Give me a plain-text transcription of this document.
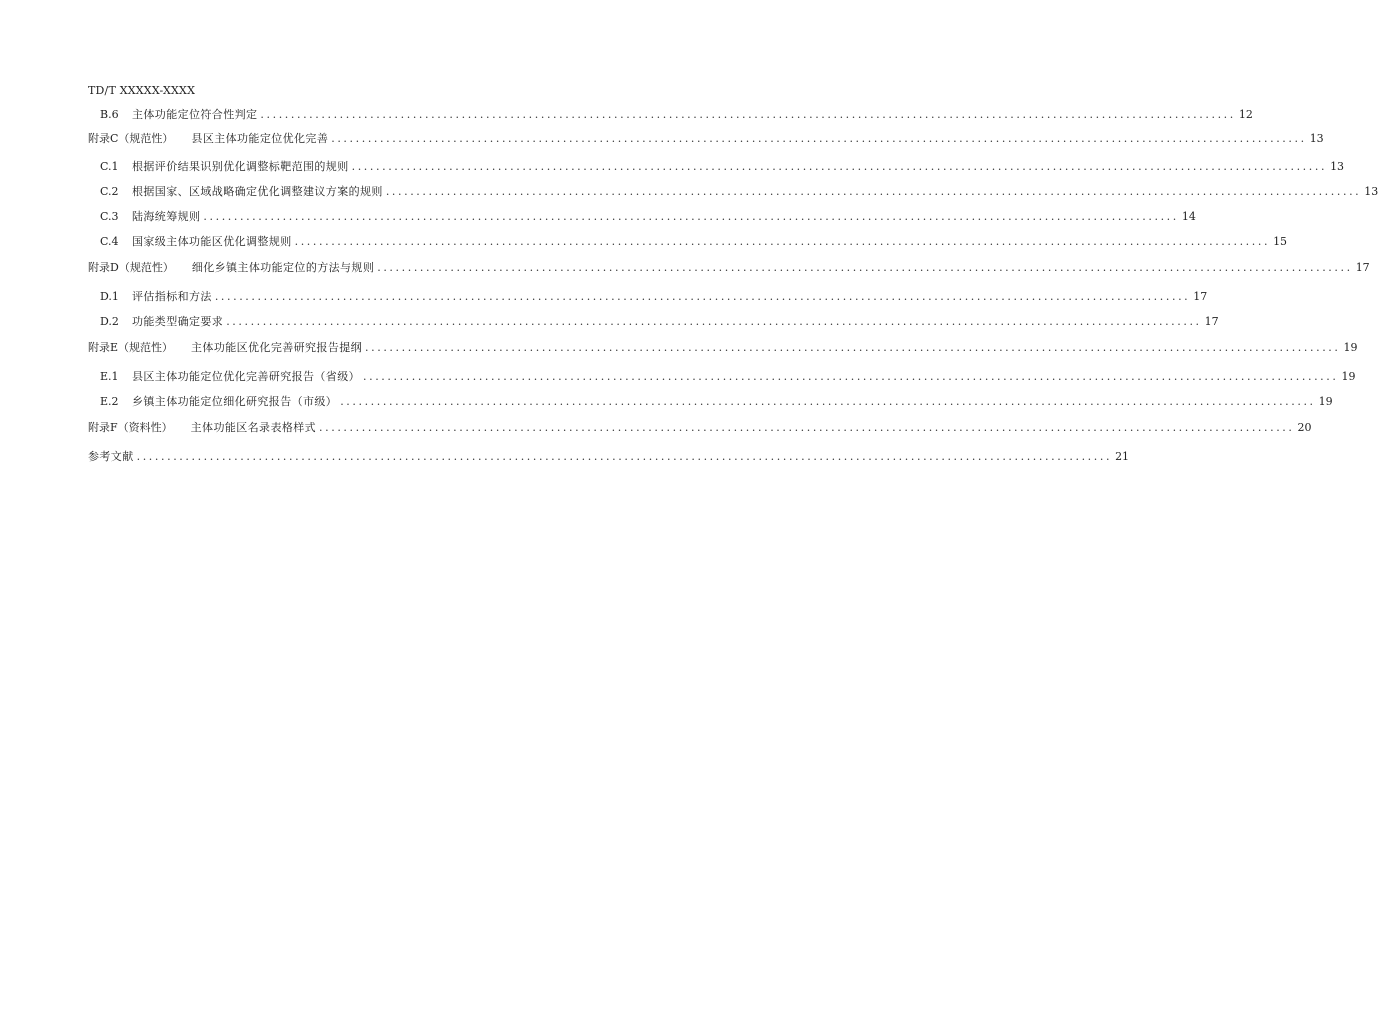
TD/T XXXXX-XXXX
B.6	主体功能定位符合性判定 ................................................................................................................................................................ 12
附录C（规范性） 县区主体功能定位优化完善 ................................................................................................................................................................ 13
C.1	根据评价结果识别优化调整标靶范围的规则 ................................................................................................................................................................ 13
C.2	根据国家、区域战略确定优化调整建议方案的规则 ................................................................................................................................................................ 13
C.3	陆海统筹规则 ................................................................................................................................................................ 14
C.4	国家级主体功能区优化调整规则 ................................................................................................................................................................ 15
附录D（规范性） 细化乡镇主体功能定位的方法与规则 ................................................................................................................................................................ 17
D.1	评估指标和方法 ................................................................................................................................................................ 17
D.2	功能类型确定要求 ................................................................................................................................................................ 17
附录E（规范性） 主体功能区优化完善研究报告提纲 ................................................................................................................................................................ 19
E.1	县区主体功能定位优化完善研究报告（省级） ................................................................................................................................................................ 19
E.2	乡镇主体功能定位细化研究报告（市级） ................................................................................................................................................................ 19
附录F（资料性） 主体功能区名录表格样式 ................................................................................................................................................................ 20
参考文献 ................................................................................................................................................................ 21
